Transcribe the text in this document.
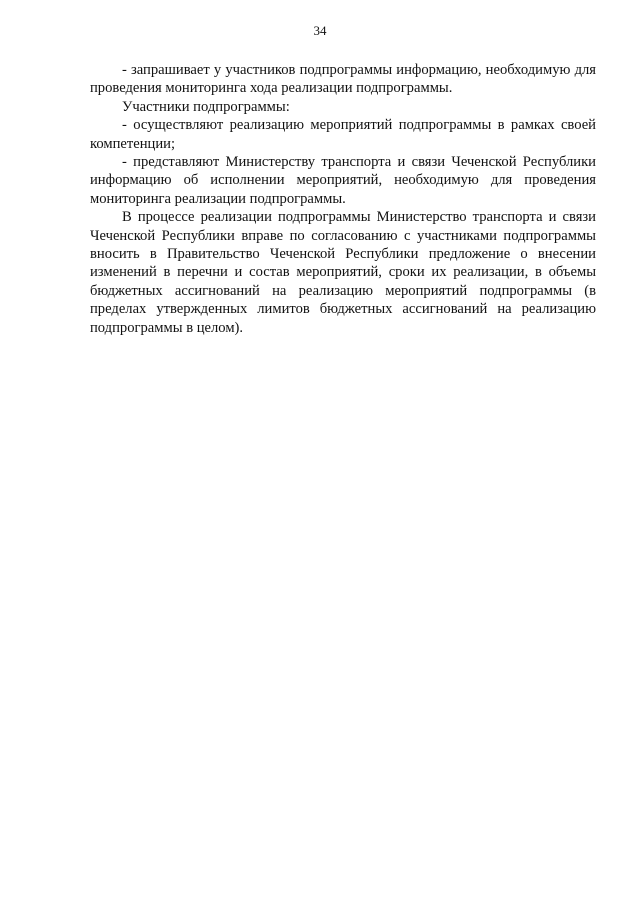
34

- запрашивает у участников подпрограммы информацию, необходимую для проведения мониторинга хода реализации подпрограммы.

Участники подпрограммы:

- осуществляют реализацию мероприятий подпрограммы в рамках своей компетенции;

- представляют Министерству транспорта и связи Чеченской Республики информацию об исполнении мероприятий, необходимую для проведения мониторинга реализации подпрограммы.

В процессе реализации подпрограммы Министерство транспорта и связи Чеченской Республики вправе по согласованию с участниками подпрограммы вносить в Правительство Чеченской Республики предложение о внесении изменений в перечни и состав мероприятий, сроки их реализации, в объемы бюджетных ассигнований на реализацию мероприятий подпрограммы (в пределах утвержденных лимитов бюджетных ассигнований на реализацию подпрограммы в целом).
